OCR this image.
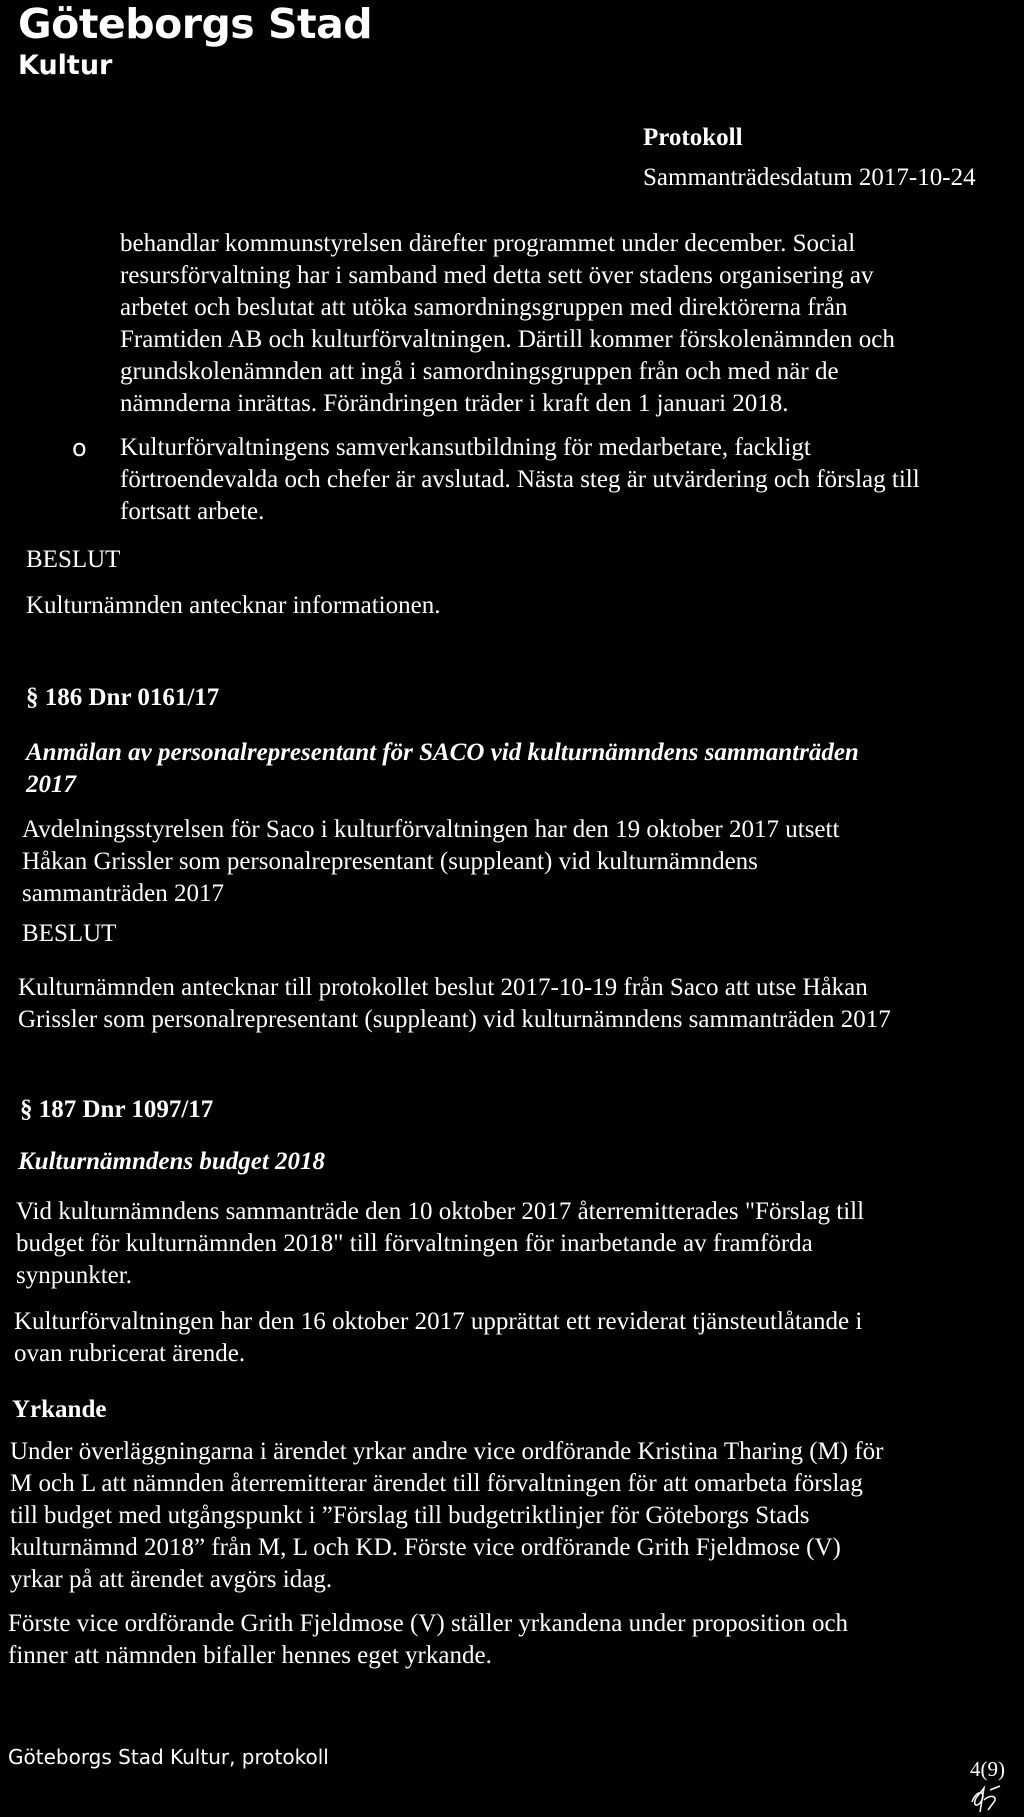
Göteborgs Stad
Kultur
Protokoll
Sammanträdesdatum 2017-10-24
behandlar kommunstyrelsen därefter programmet under december. Social
resursförvaltning har i samband med detta sett över stadens organisering av
arbetet och beslutat att utöka samordningsgruppen med direktörerna från
Framtiden AB och kulturförvaltningen. Därtill kommer förskolenämnden och
grundskolenämnden att ingå i samordningsgruppen från och med när de
nämnderna inrättas. Förändringen träder i kraft den 1 januari 2018.
o Kulturförvaltningens samverkansutbildning för medarbetare, fackligt
förtroendevalda och chefer är avslutad. Nästa steg är utvärdering och förslag till
fortsatt arbete.
BESLUT
Kulturnämnden antecknar informationen.
§ 186 Dnr 0161/17
Anmälan av personalrepresentant för SACO vid kulturnämndens sammanträden
2017
Avdelningsstyrelsen för Saco i kulturförvaltningen har den 19 oktober 2017 utsett
Håkan Grissler som personalrepresentant (suppleant) vid kulturnämndens
sammanträden 2017
BESLUT
Kulturnämnden antecknar till protokollet beslut 2017-10-19 från Saco att utse Håkan
Grissler som personalrepresentant (suppleant) vid kulturnämndens sammanträden 2017
§ 187 Dnr 1097/17
Kulturnämndens budget 2018
Vid kulturnämndens sammanträde den 10 oktober 2017 återremitterades "Förslag till
budget för kulturnämnden 2018" till förvaltningen för inarbetande av framförda
synpunkter.
Kulturförvaltningen har den 16 oktober 2017 upprättat ett reviderat tjänsteutlåtande i
ovan rubricerat ärende.
Yrkande
Under överläggningarna i ärendet yrkar andre vice ordförande Kristina Tharing (M) för
M och L att nämnden återremitterar ärendet till förvaltningen för att omarbeta förslag
till budget med utgångspunkt i ”Förslag till budgetriktlinjer för Göteborgs Stads
kulturnämnd 2018” från M, L och KD. Förste vice ordförande Grith Fjeldmose (V)
yrkar på att ärendet avgörs idag.
Förste vice ordförande Grith Fjeldmose (V) ställer yrkandena under proposition och
finner att nämnden bifaller hennes eget yrkande.
Göteborgs Stad Kultur, protokoll	4(9)
